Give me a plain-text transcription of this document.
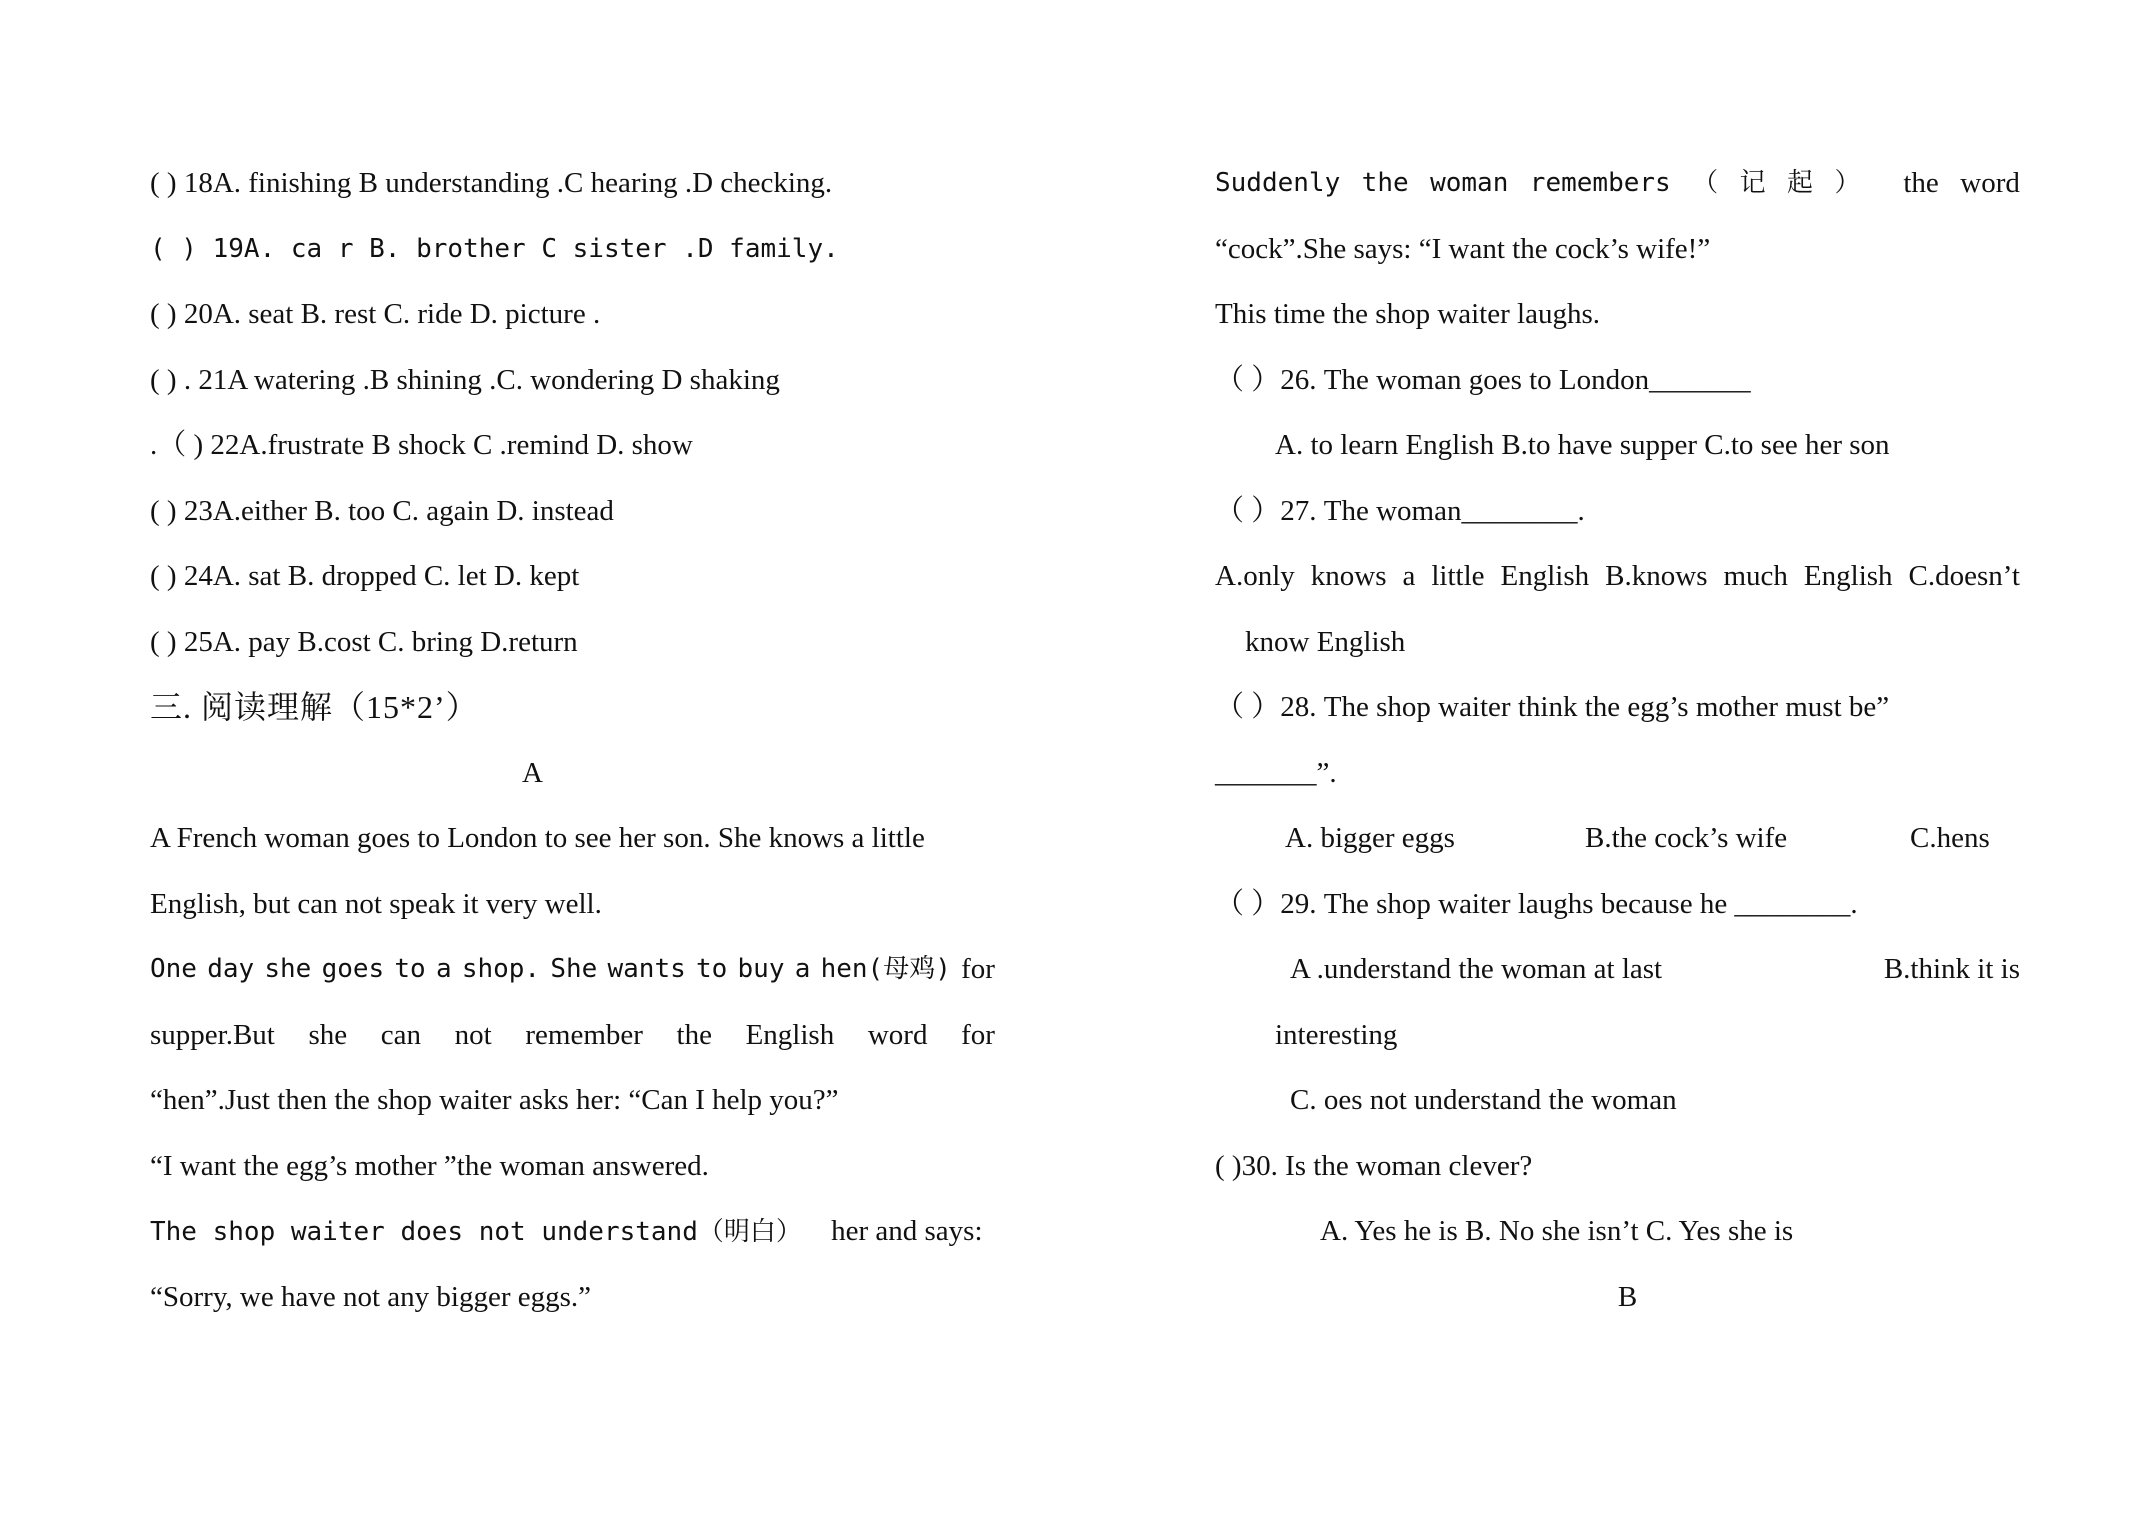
( ) 18A. finishing B understanding .C hearing .D checking.
( ) 19A. ca r B. brother C sister .D family.
( ) 20A. seat B. rest C. ride D. picture .
( ) . 21A watering .B shining .C. wondering D shaking
.（ ) 22A.frustrate B shock C .remind D. show
( ) 23A.either B. too C. again D. instead
( ) 24A. sat B. dropped C. let D. kept
( ) 25A. pay B.cost C. bring D.return
三. 阅读理解（15*2’）
A
A French woman goes to London to see her son. She knows a little
English, but can not speak it very well.
One day she goes to a shop. She wants to buy a hen(母鸡) for
supper.But she can not remember the English word for
“hen”.Just then the shop waiter asks her: “Can I help you?”
“I want the egg’s mother ”the woman answered.
The shop waiter does not understand（明白） her and says:
“Sorry, we have not any bigger eggs.”
Suddenly the woman remembers （ 记 起 ） the word
“cock”.She says: “I want the cock’s wife!”
This time the shop waiter laughs.
（ ）26. The woman goes to London_______
A. to learn English B.to have supper C.to see her son
（ ）27. The woman________.
A.only knows a little English B.knows much English C.doesn’t
know English
（ ）28. The shop waiter think the egg’s mother must be”
_______”.
A. bigger eggs	B.the cock’s wife	C.hens
（ ）29. The shop waiter laughs because he ________.
A .understand the woman at last	B.think it is
interesting
C. oes not understand the woman
( )30. Is the woman clever?
A. Yes he is B. No she isn’t C. Yes she is
B
